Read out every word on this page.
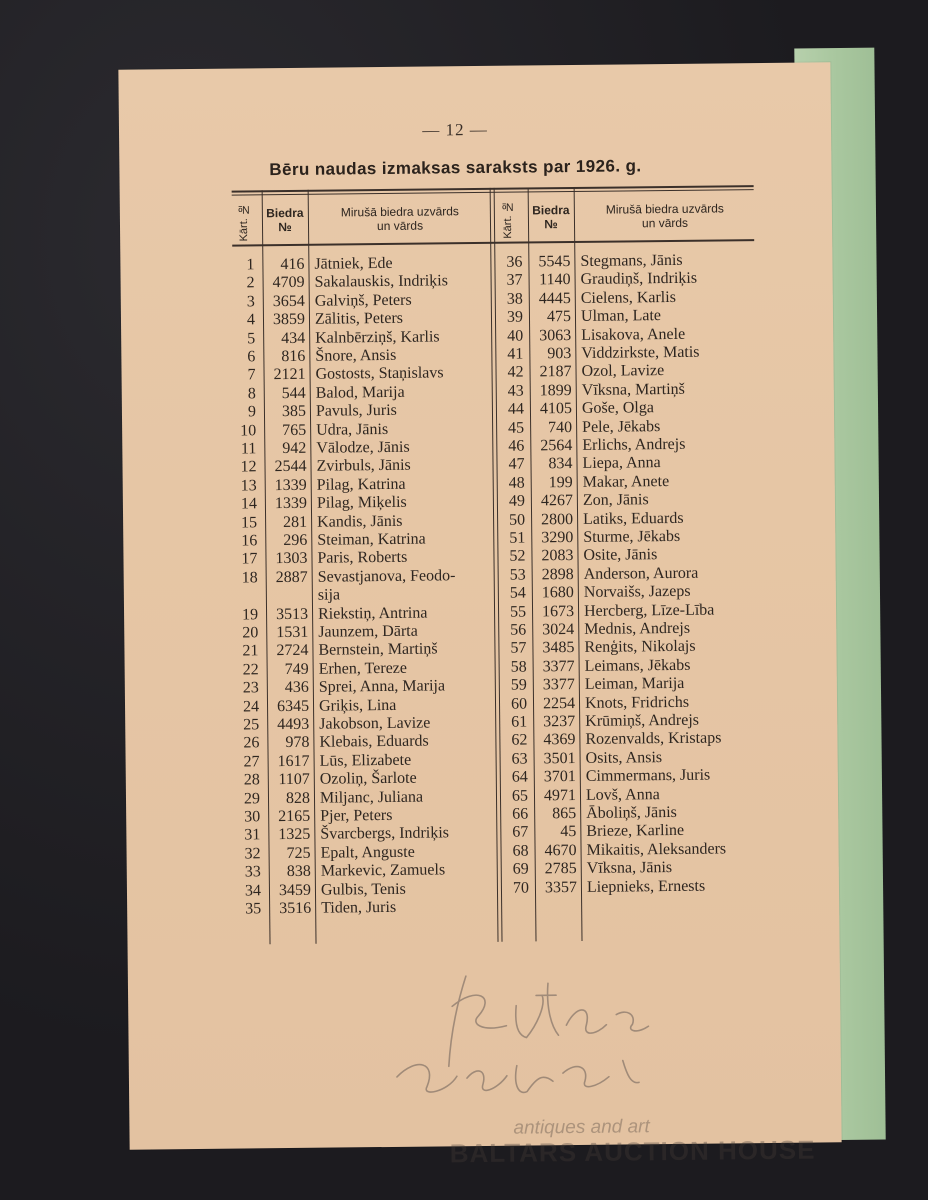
— 12 —
Bēru naudas izmaksas saraksts par 1926. g.
Kārt. №	Biedra
№
Mirušā biedra uzvārds
un vārds	Kārt. №	Biedra
№
Mirušā biedra uzvārds
un vārds
1	416 Jātniek, Ede
2	4709 Sakalauskis, Indriķis
3	3654 Galviņš, Peters
4	3859 Zālitis, Peters
5	434 Kalnbērziņš, Karlis
6	816 Šnore, Ansis
7	2121 Gostosts, Staņislavs
8	544 Balod, Marija
9	385 Pavuls, Juris
10	765 Udra, Jānis
11	942 Vālodze, Jānis
12	2544 Zvirbuls, Jānis
13	1339 Pilag, Katrina
14	1339 Pilag, Miķelis
15	281 Kandis, Jānis
16	296 Steiman, Katrina
17	1303 Paris, Roberts
18	2887 Sevastjanova, Feodo-
sija
19	3513 Riekstiņ, Antrina
20	1531 Jaunzem, Dārta
21	2724 Bernstein, Martiņš
22	749 Erhen, Tereze
23	436 Sprei, Anna, Marija
24	6345 Griķis, Lina
25	4493 Jakobson, Lavize
26	978 Klebais, Eduards
27	1617 Lūs, Elizabete
28	1107 Ozoliņ, Šarlote
29	828 Miljanc, Juliana
30	2165 Pjer, Peters
31	1325 Švarcbergs, Indriķis
32	725 Epalt, Anguste
33	838 Markevic, Zamuels
34	3459 Gulbis, Tenis
35	3516 Tiden, Juris
36 5545 Stegmans, Jānis
37	1140 Graudiņš, Indriķis
38 4445 Cielens, Karlis
39	475 Ulman, Late
40 3063 Lisakova, Anele
41	903 Viddzirkste, Matis
42 2187 Ozol, Lavize
43 1899 Vīksna, Martiņš
44 4105 Goše, Olga
45	740 Pele, Jēkabs
46 2564 Erlichs, Andrejs
47	834 Liepa, Anna
48	199 Makar, Anete
49 4267 Zon, Jānis
50 2800 Latiks, Eduards
51 3290 Sturme, Jēkabs
52 2083 Osite, Jānis
53 2898 Anderson, Aurora
54 1680 Norvaišs, Jazeps
55 1673 Hercberg, Līze-Lība
56 3024 Mednis, Andrejs
57 3485 Renģits, Nikolajs
58 3377 Leimans, Jēkabs
59 3377 Leiman, Marija
60 2254 Knots, Fridrichs
61 3237 Krūmiņš, Andrejs
62 4369 Rozenvalds, Kristaps
63 3501 Osits, Ansis
64 3701 Cimmermans, Juris
65 4971 Lovš, Anna
66	865 Āboliņš, Jānis
67	45 Brieze, Karline
68 4670 Mikaitis, Aleksanders
69 2785 Vīksna, Jānis
70 3357 Liepnieks, Ernests
antiques and art
BALTARS AUCTION HOUSE
